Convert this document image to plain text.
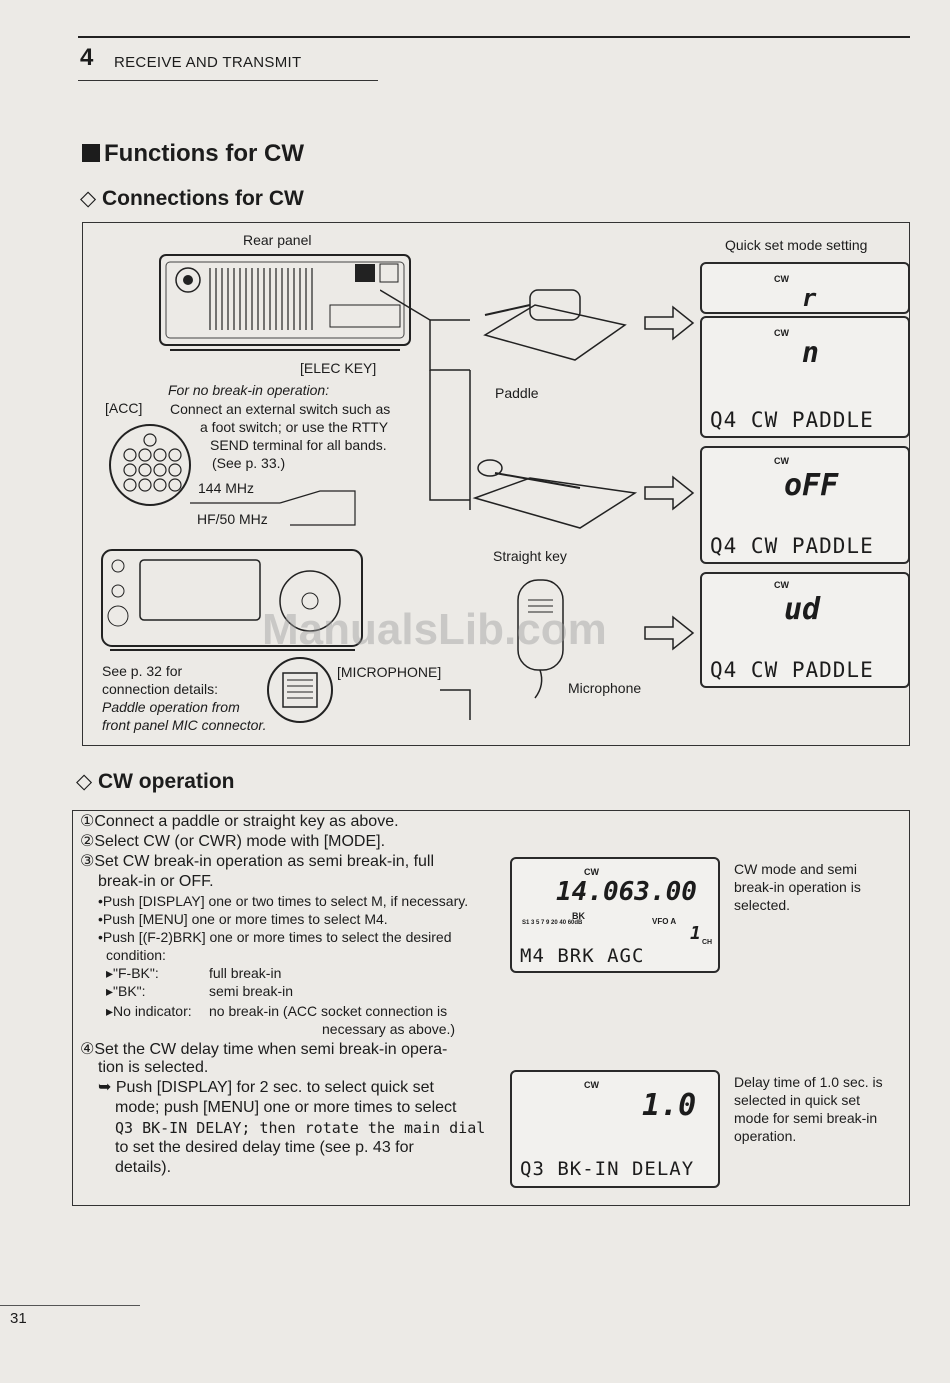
4 RECEIVE AND TRANSMIT
Functions for CW
◇ Connections for CW
Rear panel
[ELEC KEY]
For no break-in operation:
[ACC] Connect an external switch such as
a foot switch; or use the RTTY
SEND terminal for all bands.
(See p. 33.)
144 MHz
HF/50 MHz
See p. 32 for
connection details:
Paddle operation from
front panel MIC connector.
[MICROPHONE]
Paddle
Straight key
Microphone
Quick set mode setting
CW
r
CW
n
Q4 CW PADDLE
CW
oFF
Q4 CW PADDLE
CW
ud
Q4 CW PADDLE
ManualsLib.com
◇ CW operation
①Connect a paddle or straight key as above.
②Select CW (or CWR) mode with [MODE].
③Set CW break-in operation as semi break-in, full
break-in or OFF.
•Push [DISPLAY] one or two times to select M, if necessary.
•Push [MENU] one or more times to select M4.
•Push [(F-2)BRK] one or more times to select the desired
condition:
▸"F-BK":	full break-in
▸"BK":	semi break-in
▸No indicator: no break-in (ACC socket connection is
necessary as above.)
④Set the CW delay time when semi break-in opera-
tion is selected.
➥ Push [DISPLAY] for 2 sec. to select quick set
mode; push [MENU] one or more times to select
Q3 BK-IN DELAY; then rotate the main dial
to set the desired delay time (see p. 43 for
details).
CW
14.063.00
BK
VFO A
S1 3 5 7 9 20 40 60dB	1 CH
M4 BRK AGC
CW mode and semi
break-in operation is
selected.
CW
1.0
Q3 BK-IN DELAY
Delay time of 1.0 sec. is
selected in quick set
mode for semi break-in
operation.
31
